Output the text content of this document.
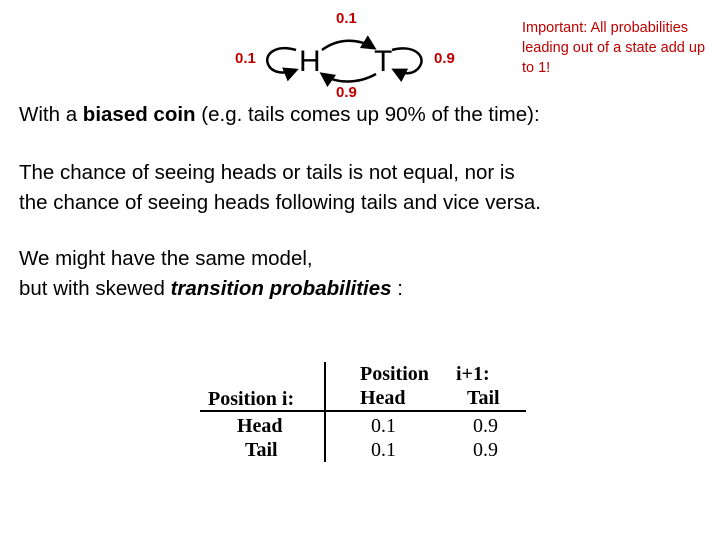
H T
0.1
0.1	0.9
0.9
Important: All probabilities leading out of a state add up to 1!
With a biased coin (e.g. tails comes up 90% of the time):
The chance of seeing heads or tails is not equal, nor is
the chance of seeing heads following tails and vice versa.
We might have the same model,
but with skewed transition probabilities :
Position i+1:
Position i:	Head	Tail
Head	0.1	0.9
Tail	0.1	0.9
